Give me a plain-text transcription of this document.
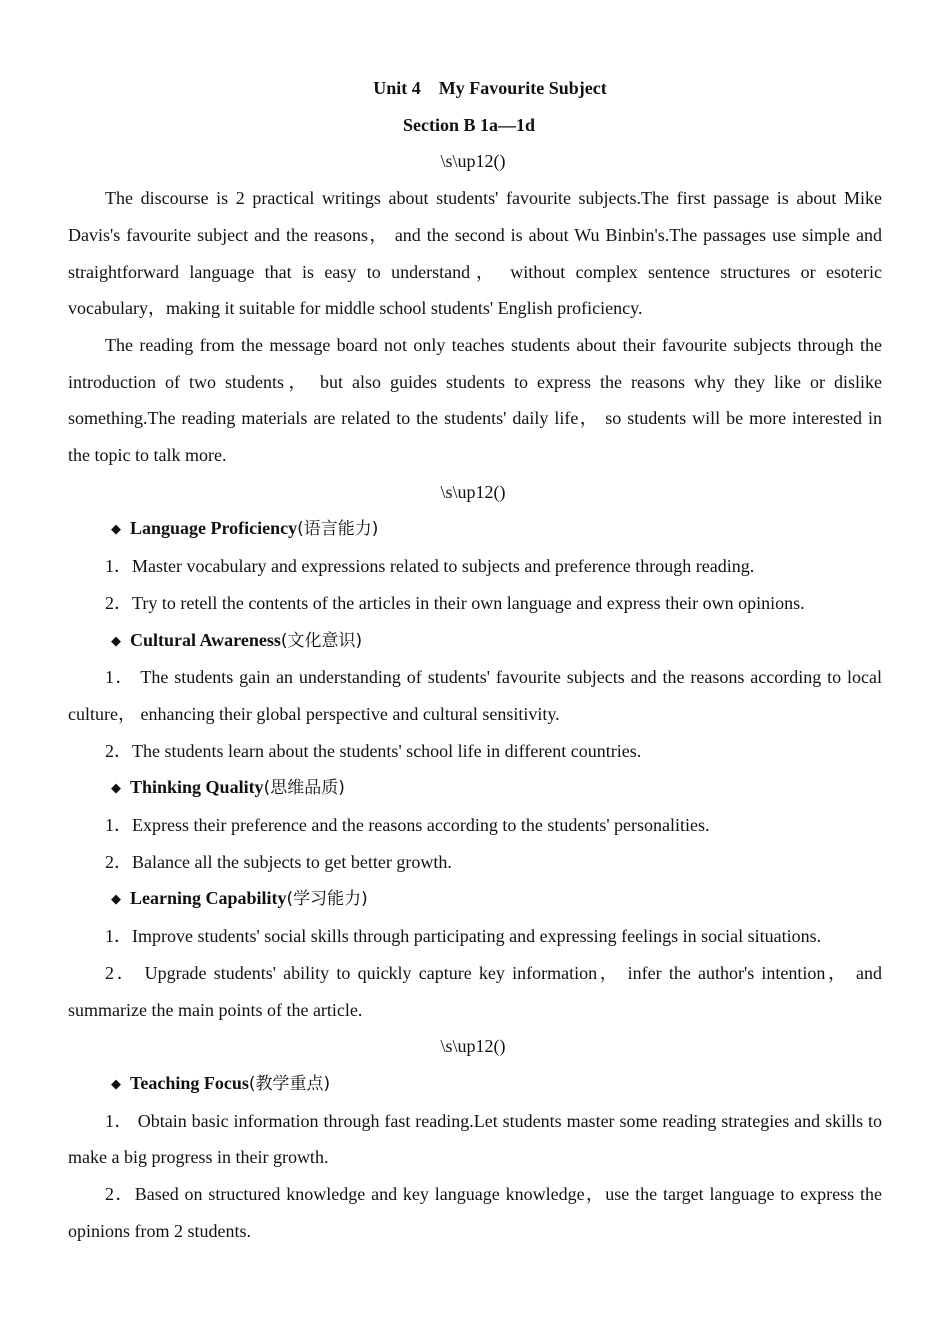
Unit 4　My Favourite Subject

Section B 1a—1d

\s\up12()

The discourse is 2 practical writings about students' favourite subjects.The first passage is about Mike Davis's favourite subject and the reasons， and the second is about Wu Binbin's.The passages use simple and straightforward language that is easy to understand， without complex sentence structures or esoteric vocabulary，making it suitable for middle school students' English proficiency.

The reading from the message board not only teaches students about their favourite subjects through the introduction of two students， but also guides students to express the reasons why they like or dislike something.The reading materials are related to the students' daily life， so students will be more interested in the topic to talk more.

\s\up12()

◆ Language Proficiency(语言能力)

1．Master vocabulary and expressions related to subjects and preference through reading.

2．Try to retell the contents of the articles in their own language and express their own opinions.

◆ Cultural Awareness(文化意识)

1． The students gain an understanding of students' favourite subjects and the reasons according to local culture， enhancing their global perspective and cultural sensitivity.

2．The students learn about the students' school life in different countries.

◆ Thinking Quality(思维品质)

1．Express their preference and the reasons according to the students' personalities.

2．Balance all the subjects to get better growth.

◆ Learning Capability(学习能力)

1．Improve students' social skills through participating and expressing feelings in social situations.

2． Upgrade students' ability to quickly capture key information， infer the author's intention， and summarize the main points of the article.

\s\up12()

◆ Teaching Focus(教学重点)

1． Obtain basic information through fast reading.Let students master some reading strategies and skills to make a big progress in their growth.

2．Based on structured knowledge and key language knowledge，use the target language to express the opinions from 2 students.
